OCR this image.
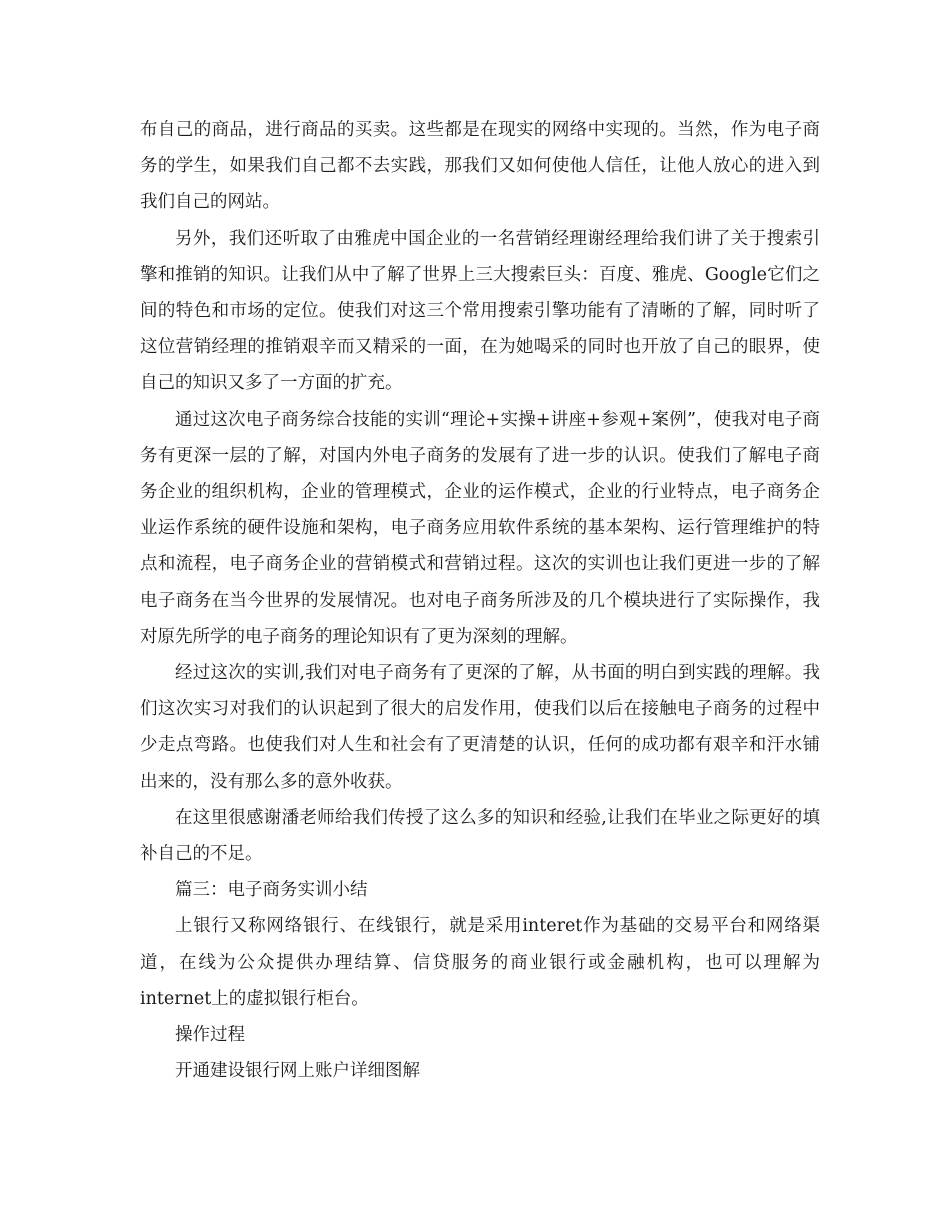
布自己的商品，进行商品的买卖。这些都是在现实的网络中实现的。当然，作为电子商务的学生，如果我们自己都不去实践，那我们又如何使他人信任，让他人放心的进入到我们自己的网站。

另外，我们还听取了由雅虎中国企业的一名营销经理谢经理给我们讲了关于搜索引擎和推销的知识。让我们从中了解了世界上三大搜索巨头：百度、雅虎、Google它们之间的特色和市场的定位。使我们对这三个常用搜索引擎功能有了清晰的了解，同时听了这位营销经理的推销艰辛而又精采的一面，在为她喝采的同时也开放了自己的眼界，使自己的知识又多了一方面的扩充。

通过这次电子商务综合技能的实训“理论+实操+讲座+参观+案例”，使我对电子商务有更深一层的了解，对国内外电子商务的发展有了进一步的认识。使我们了解电子商务企业的组织机构，企业的管理模式，企业的运作模式，企业的行业特点，电子商务企业运作系统的硬件设施和架构，电子商务应用软件系统的基本架构、运行管理维护的特点和流程，电子商务企业的营销模式和营销过程。这次的实训也让我们更进一步的了解电子商务在当今世界的发展情况。也对电子商务所涉及的几个模块进行了实际操作，我对原先所学的电子商务的理论知识有了更为深刻的理解。

经过这次的实训,我们对电子商务有了更深的了解，从书面的明白到实践的理解。我们这次实习对我们的认识起到了很大的启发作用，使我们以后在接触电子商务的过程中少走点弯路。也使我们对人生和社会有了更清楚的认识，任何的成功都有艰辛和汗水铺出来的，没有那么多的意外收获。

在这里很感谢潘老师给我们传授了这么多的知识和经验,让我们在毕业之际更好的填补自己的不足。

篇三：电子商务实训小结

上银行又称网络银行、在线银行，就是采用interet作为基础的交易平台和网络渠道，在线为公众提供办理结算、信贷服务的商业银行或金融机构，也可以理解为internet上的虚拟银行柜台。

操作过程

开通建设银行网上账户详细图解
